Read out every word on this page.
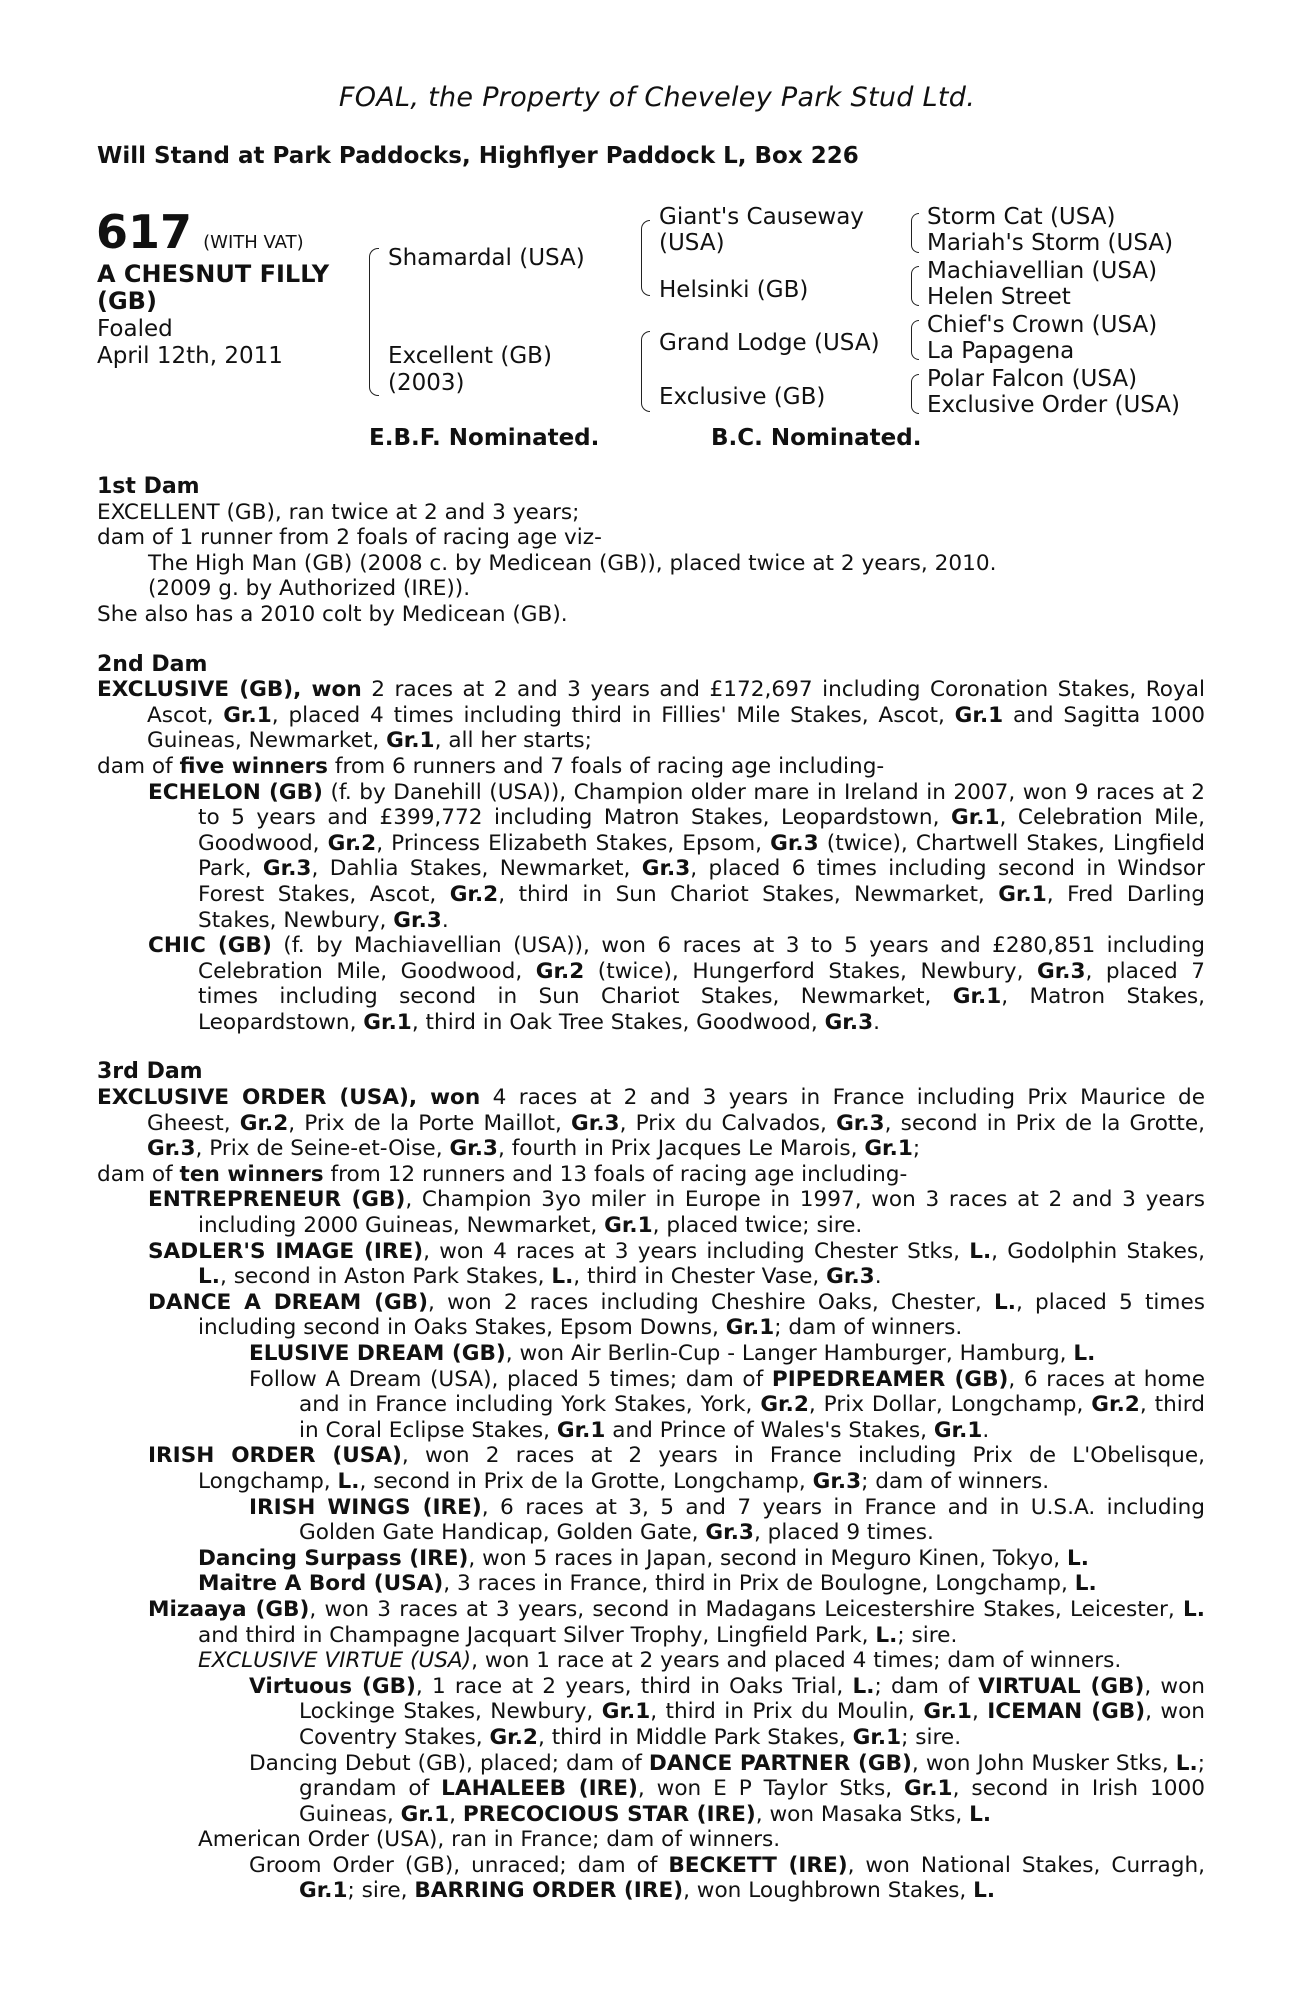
FOAL, the Property of Cheveley Park Stud Ltd.
Will Stand at Park Paddocks, Highflyer Paddock L, Box 226
617 (WITH VAT)
A CHESNUT FILLY
(GB)
Foaled
April 12th, 2011
Shamardal (USA)
Excellent (GB)
(2003)
Giant's Causeway
(USA)
Helsinki (GB)
Grand Lodge (USA)
Exclusive (GB)
Storm Cat (USA)
Mariah's Storm (USA)
Machiavellian (USA)
Helen Street
Chief's Crown (USA)
La Papagena
Polar Falcon (USA)
Exclusive Order (USA)
E.B.F. Nominated.	B.C. Nominated.
1st Dam
EXCELLENT (GB), ran twice at 2 and 3 years;
dam of 1 runner from 2 foals of racing age viz-
The High Man (GB) (2008 c. by Medicean (GB)), placed twice at 2 years, 2010.
(2009 g. by Authorized (IRE)).
She also has a 2010 colt by Medicean (GB).
2nd Dam
EXCLUSIVE (GB), won 2 races at 2 and 3 years and £172,697 including Coronation Stakes, Royal Ascot, Gr.1, placed 4 times including third in Fillies' Mile Stakes, Ascot, Gr.1 and Sagitta 1000 Guineas, Newmarket, Gr.1, all her starts;
dam of five winners from 6 runners and 7 foals of racing age including-
ECHELON (GB) (f. by Danehill (USA)), Champion older mare in Ireland in 2007, won 9 races at 2 to 5 years and £399,772 including Matron Stakes, Leopardstown, Gr.1, Celebration Mile, Goodwood, Gr.2, Princess Elizabeth Stakes, Epsom, Gr.3 (twice), Chartwell Stakes, Lingfield Park, Gr.3, Dahlia Stakes, Newmarket, Gr.3, placed 6 times including second in Windsor Forest Stakes, Ascot, Gr.2, third in Sun Chariot Stakes, Newmarket, Gr.1, Fred Darling Stakes, Newbury, Gr.3.
CHIC (GB) (f. by Machiavellian (USA)), won 6 races at 3 to 5 years and £280,851 including Celebration Mile, Goodwood, Gr.2 (twice), Hungerford Stakes, Newbury, Gr.3, placed 7 times including second in Sun Chariot Stakes, Newmarket, Gr.1, Matron Stakes, Leopardstown, Gr.1, third in Oak Tree Stakes, Goodwood, Gr.3.
3rd Dam
EXCLUSIVE ORDER (USA), won 4 races at 2 and 3 years in France including Prix Maurice de Gheest, Gr.2, Prix de la Porte Maillot, Gr.3, Prix du Calvados, Gr.3, second in Prix de la Grotte, Gr.3, Prix de Seine-et-Oise, Gr.3, fourth in Prix Jacques Le Marois, Gr.1;
dam of ten winners from 12 runners and 13 foals of racing age including-
ENTREPRENEUR (GB), Champion 3yo miler in Europe in 1997, won 3 races at 2 and 3 years including 2000 Guineas, Newmarket, Gr.1, placed twice; sire.
SADLER'S IMAGE (IRE), won 4 races at 3 years including Chester Stks, L., Godolphin Stakes, L., second in Aston Park Stakes, L., third in Chester Vase, Gr.3.
DANCE A DREAM (GB), won 2 races including Cheshire Oaks, Chester, L., placed 5 times including second in Oaks Stakes, Epsom Downs, Gr.1; dam of winners.
ELUSIVE DREAM (GB), won Air Berlin-Cup - Langer Hamburger, Hamburg, L.
Follow A Dream (USA), placed 5 times; dam of PIPEDREAMER (GB), 6 races at home and in France including York Stakes, York, Gr.2, Prix Dollar, Longchamp, Gr.2, third in Coral Eclipse Stakes, Gr.1 and Prince of Wales's Stakes, Gr.1.
IRISH ORDER (USA), won 2 races at 2 years in France including Prix de L'Obelisque, Longchamp, L., second in Prix de la Grotte, Longchamp, Gr.3; dam of winners.
IRISH WINGS (IRE), 6 races at 3, 5 and 7 years in France and in U.S.A. including Golden Gate Handicap, Golden Gate, Gr.3, placed 9 times.
Dancing Surpass (IRE), won 5 races in Japan, second in Meguro Kinen, Tokyo, L.
Maitre A Bord (USA), 3 races in France, third in Prix de Boulogne, Longchamp, L.
Mizaaya (GB), won 3 races at 3 years, second in Madagans Leicestershire Stakes, Leicester, L. and third in Champagne Jacquart Silver Trophy, Lingfield Park, L.; sire.
EXCLUSIVE VIRTUE (USA), won 1 race at 2 years and placed 4 times; dam of winners.
Virtuous (GB), 1 race at 2 years, third in Oaks Trial, L.; dam of VIRTUAL (GB), won Lockinge Stakes, Newbury, Gr.1, third in Prix du Moulin, Gr.1, ICEMAN (GB), won Coventry Stakes, Gr.2, third in Middle Park Stakes, Gr.1; sire.
Dancing Debut (GB), placed; dam of DANCE PARTNER (GB), won John Musker Stks, L.; grandam of LAHALEEB (IRE), won E P Taylor Stks, Gr.1, second in Irish 1000 Guineas, Gr.1, PRECOCIOUS STAR (IRE), won Masaka Stks, L.
American Order (USA), ran in France; dam of winners.
Groom Order (GB), unraced; dam of BECKETT (IRE), won National Stakes, Curragh, Gr.1; sire, BARRING ORDER (IRE), won Loughbrown Stakes, L.
